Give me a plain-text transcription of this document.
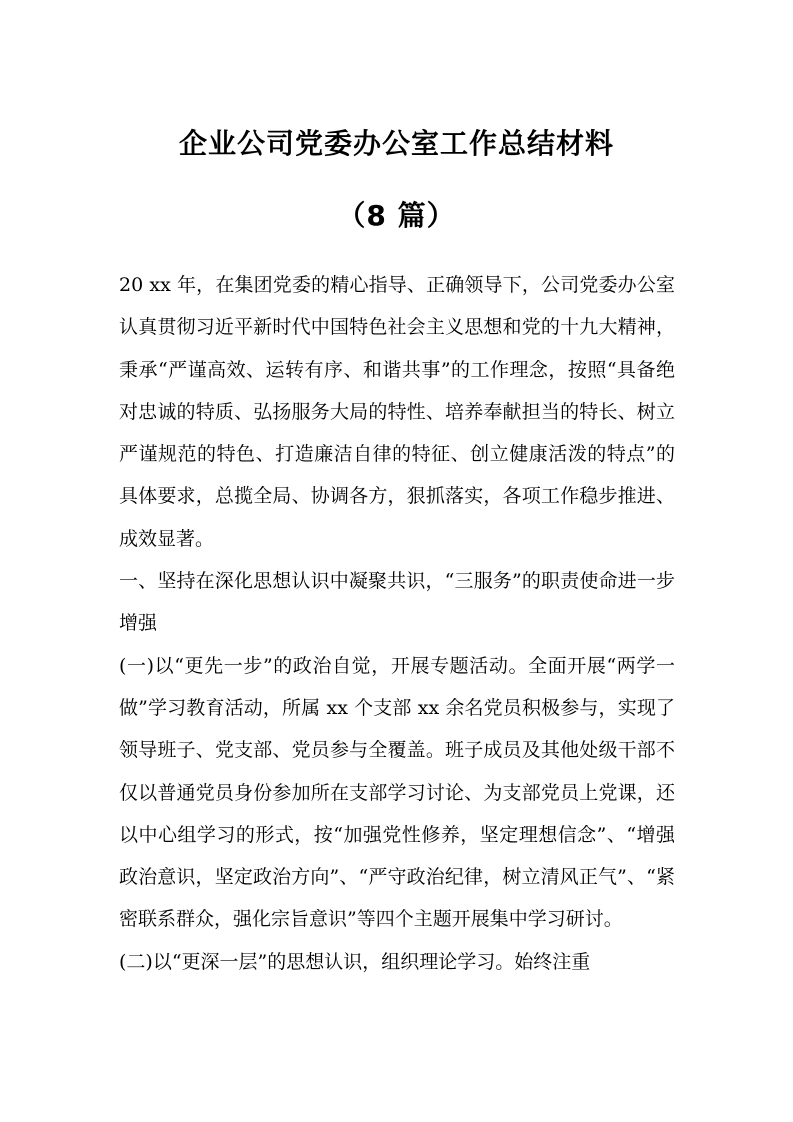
企业公司党委办公室工作总结材料
（8 篇）

20 xx 年，在集团党委的精心指导、正确领导下，公司党委办公室认真贯彻习近平新时代中国特色社会主义思想和党的十九大精神，秉承“严谨高效、运转有序、和谐共事”的工作理念，按照“具备绝对忠诚的特质、弘扬服务大局的特性、培养奉献担当的特长、树立严谨规范的特色、打造廉洁自律的特征、创立健康活泼的特点”的具体要求，总揽全局、协调各方，狠抓落实，各项工作稳步推进、成效显著。

一、坚持在深化思想认识中凝聚共识，“三服务”的职责使命进一步增强

(一)以“更先一步”的政治自觉，开展专题活动。全面开展“两学一做”学习教育活动，所属 xx 个支部 xx 余名党员积极参与，实现了领导班子、党支部、党员参与全覆盖。班子成员及其他处级干部不仅以普通党员身份参加所在支部学习讨论、为支部党员上党课，还以中心组学习的形式，按“加强党性修养，坚定理想信念”、“增强政治意识，坚定政治方向”、“严守政治纪律，树立清风正气”、“紧密联系群众，强化宗旨意识”等四个主题开展集中学习研讨。

(二)以“更深一层”的思想认识，组织理论学习。始终注重
